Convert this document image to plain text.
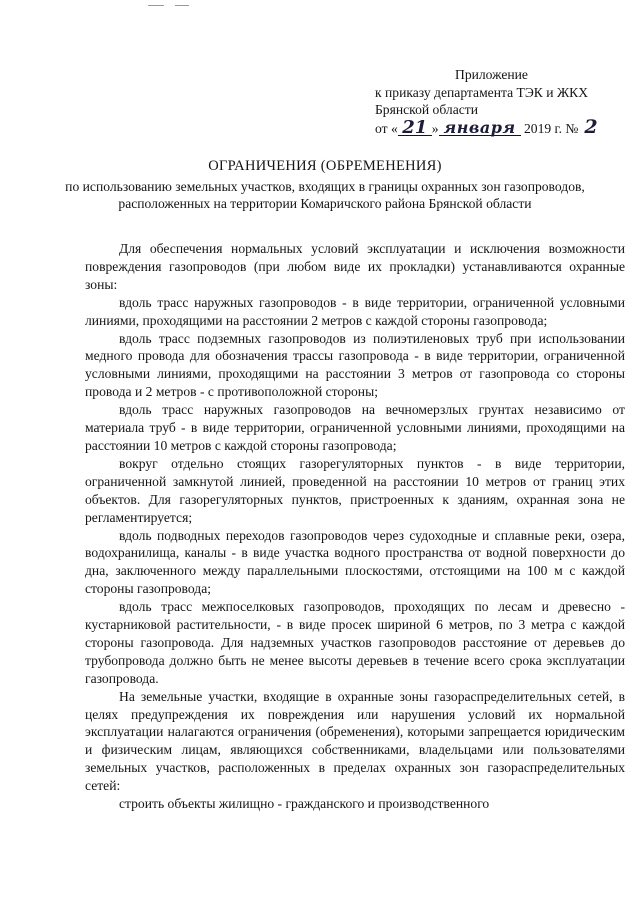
Приложение
к приказу департамента ТЭК и ЖКХ
Брянской области
от « 21 » января 2019 г. № 2
ОГРАНИЧЕНИЯ (ОБРЕМЕНЕНИЯ)
по использованию земельных участков, входящих в границы охранных зон газопроводов, расположенных на территории Комаричского района Брянской области

Для обеспечения нормальных условий эксплуатации и исключения возможности повреждения газопроводов (при любом виде их прокладки) устанавливаются охранные зоны:

вдоль трасс наружных газопроводов - в виде территории, ограниченной условными линиями, проходящими на расстоянии 2 метров с каждой стороны газопровода;

вдоль трасс подземных газопроводов из полиэтиленовых труб при использовании медного провода для обозначения трассы газопровода - в виде территории, ограниченной условными линиями, проходящими на расстоянии 3 метров от газопровода со стороны провода и 2 метров - с противоположной стороны;

вдоль трасс наружных газопроводов на вечномерзлых грунтах независимо от материала труб - в виде территории, ограниченной условными линиями, проходящими на расстоянии 10 метров с каждой стороны газопровода;

вокруг отдельно стоящих газорегуляторных пунктов - в виде территории, ограниченной замкнутой линией, проведенной на расстоянии 10 метров от границ этих объектов. Для газорегуляторных пунктов, пристроенных к зданиям, охранная зона не регламентируется;

вдоль подводных переходов газопроводов через судоходные и сплавные реки, озера, водохранилища, каналы - в виде участка водного пространства от водной поверхности до дна, заключенного между параллельными плоскостями, отстоящими на 100 м с каждой стороны газопровода;

вдоль трасс межпоселковых газопроводов, проходящих по лесам и древесно - кустарниковой растительности, - в виде просек шириной 6 метров, по 3 метра с каждой стороны газопровода. Для надземных участков газопроводов расстояние от деревьев до трубопровода должно быть не менее высоты деревьев в течение всего срока эксплуатации газопровода.

На земельные участки, входящие в охранные зоны газораспределительных сетей, в целях предупреждения их повреждения или нарушения условий их нормальной эксплуатации налагаются ограничения (обременения), которыми запрещается юридическим и физическим лицам, являющихся собственниками, владельцами или пользователями земельных участков, расположенных в пределах охранных зон газораспределительных сетей:

строить объекты жилищно - гражданского и производственного
